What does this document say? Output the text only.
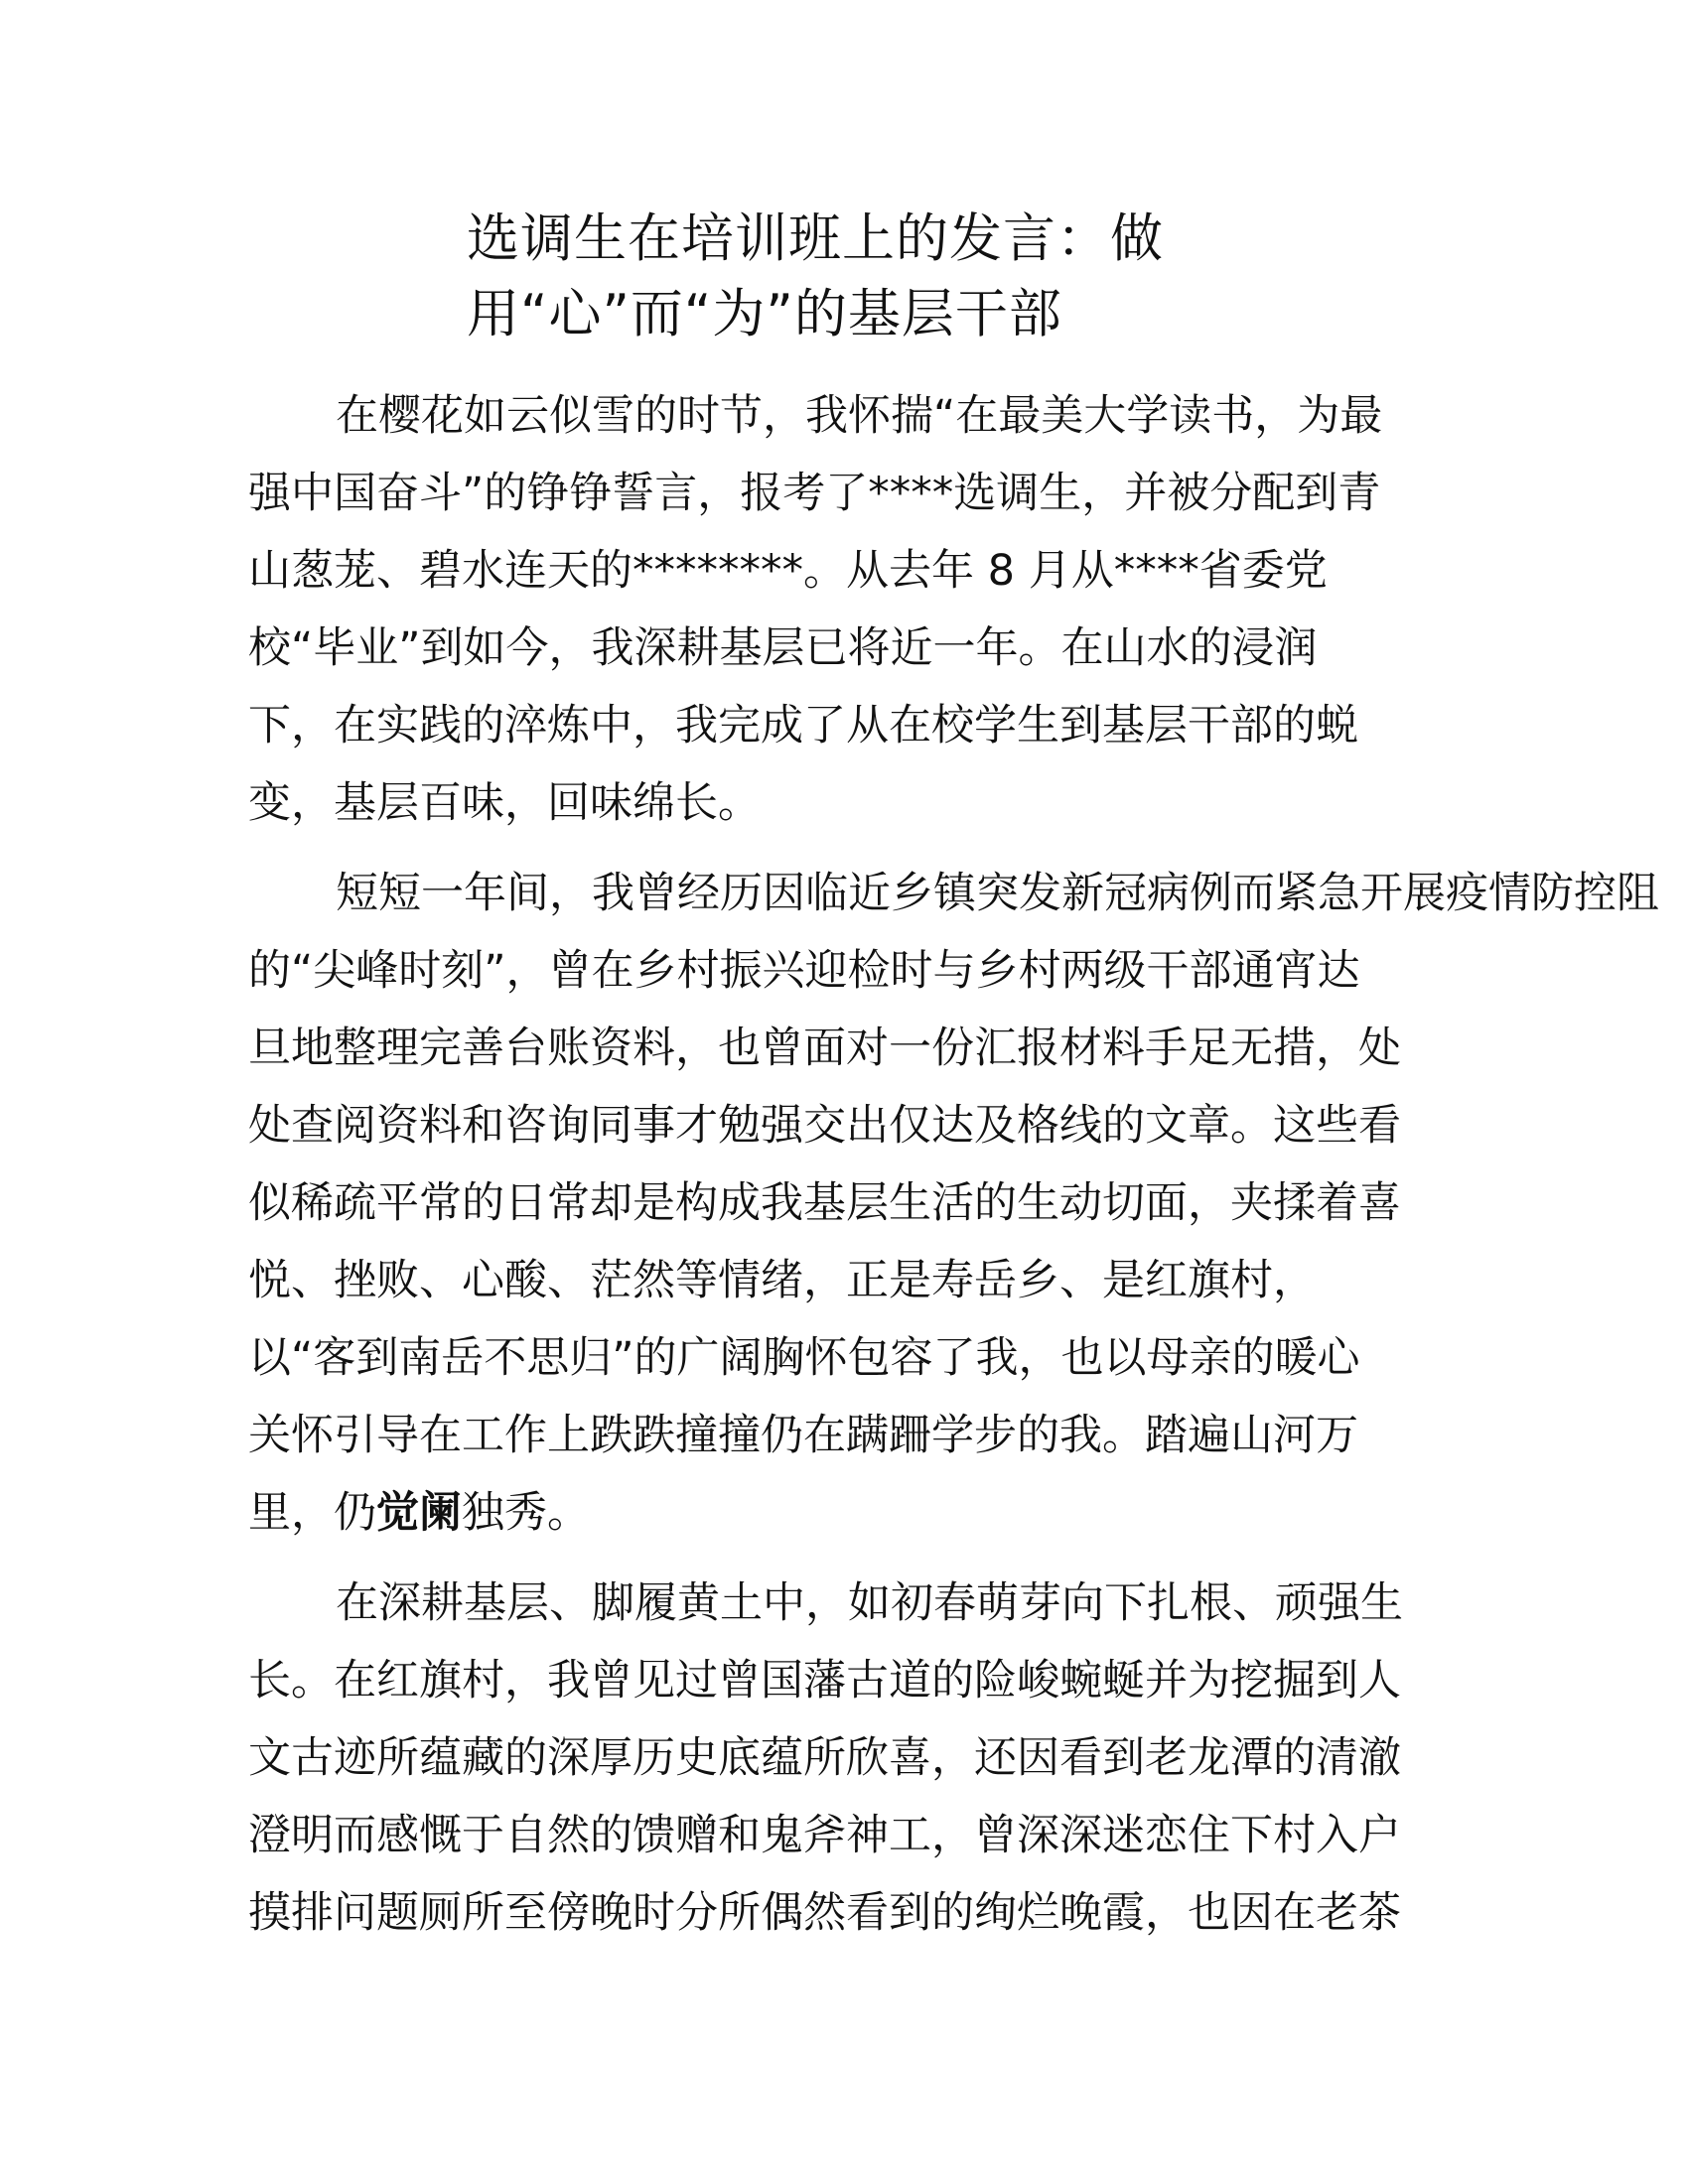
选调生在培训班上的发言：做
用“心”而“为”的基层干部
在樱花如云似雪的时节，我怀揣“在最美大学读书，为最
强中国奋斗”的铮铮誓言，报考了****选调生，并被分配到青
山葱茏、碧水连天的********。从去年 8 月从****省委党
校“毕业”到如今，我深耕基层已将近一年。在山水的浸润
下，在实践的淬炼中，我完成了从在校学生到基层干部的蜕
变，基层百味，回味绵长。
短短一年间，我曾经历因临近乡镇突发新冠病例而紧急开展疫情防控阻
的“尖峰时刻”，曾在乡村振兴迎检时与乡村两级干部通宵达
旦地整理完善台账资料，也曾面对一份汇报材料手足无措，处
处查阅资料和咨询同事才勉强交出仅达及格线的文章。这些看
似稀疏平常的日常却是构成我基层生活的生动切面，夹揉着喜
悦、挫败、心酸、茫然等情绪，正是寿岳乡、是红旗村，
以“客到南岳不思归”的广阔胸怀包容了我，也以母亲的暖心
关怀引导在工作上跌跌撞撞仍在蹒跚学步的我。踏遍山河万
里，仍觉阑独秀。
在深耕基层、脚履黄土中，如初春萌芽向下扎根、顽强生
长。在红旗村，我曾见过曾国藩古道的险峻蜿蜒并为挖掘到人
文古迹所蕴藏的深厚历史底蕴所欣喜，还因看到老龙潭的清澈
澄明而感慨于自然的馈赠和鬼斧神工，曾深深迷恋住下村入户
摸排问题厕所至傍晚时分所偶然看到的绚烂晚霞，也因在老茶
